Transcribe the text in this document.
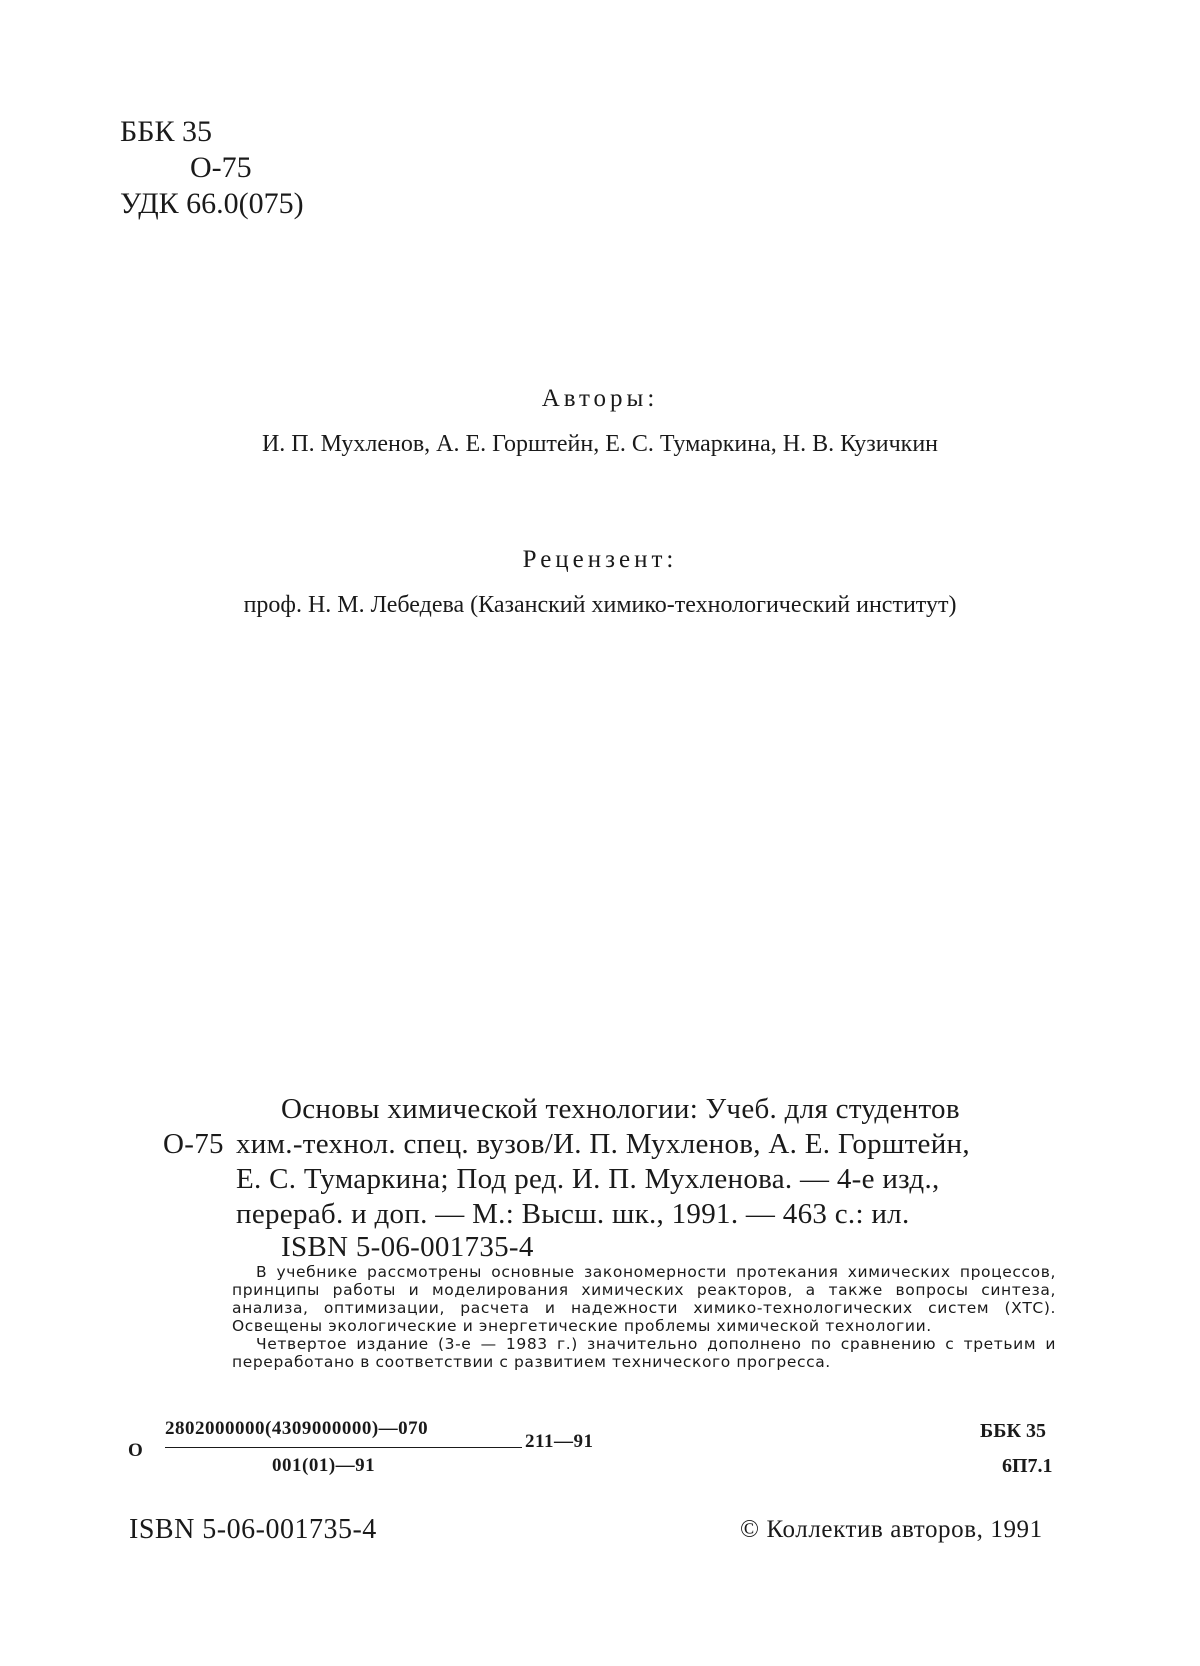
ББК 35
О-75
УДК 66.0(075)
Авторы:
И. П. Мухленов, А. Е. Горштейн, Е. С. Тумаркина, Н. В. Кузичкин
Рецензент:
проф. Н. М. Лебедева (Казанский химико-технологический институт)
О-75
Основы химической технологии: Учеб. для студентов
хим.-технол. спец. вузов/И. П. Мухленов, А. Е. Горштейн,
Е. С. Тумаркина; Под ред. И. П. Мухленова. — 4-е изд.,
перераб. и доп. — М.: Высш. шк., 1991. — 463 с.: ил.
ISBN 5-06-001735-4

В учебнике рассмотрены основные закономерности протекания химических процессов, принципы работы и моделирования химических реакторов, а также вопросы синтеза, анализа, оптимизации, расчета и надежности химико-технологических систем (ХТС). Освещены экологические и энергетические проблемы химической технологии.

Четвертое издание (3-е — 1983 г.) значительно дополнено по сравнению с третьим и переработано в соответствии с развитием технического прогресса.

О
2802000000(4309000000)—070
001(01)—91
211—91	ББК 35
6П7.1
ISBN 5-06-001735-4	© Коллектив авторов, 1991
